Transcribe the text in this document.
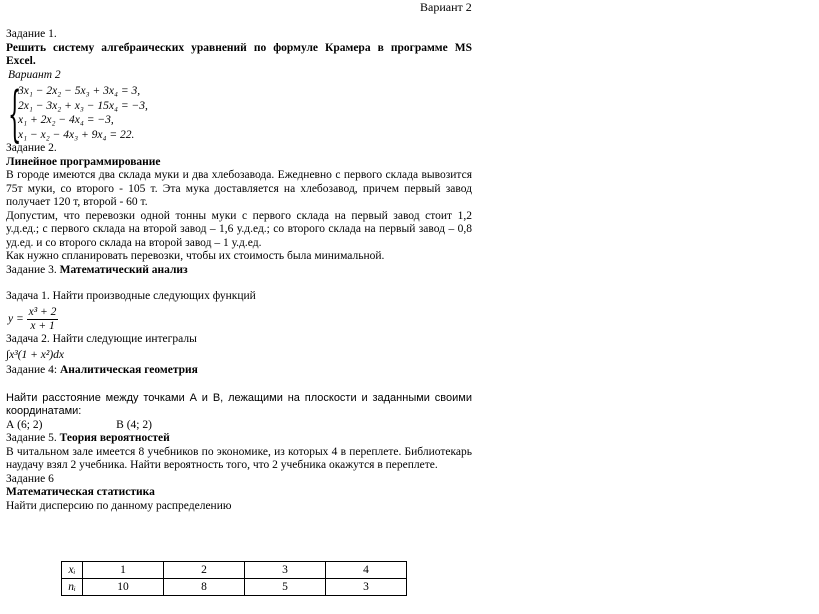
Вариант 2
Задание 1.
Решить систему алгебраических уравнений по формуле Крамера в программе MS
Excel.
Вариант 2
{
3x₁ − 2x₂ − 5x₃ + 3x₄ = 3,
2x₁ − 3x₂ + x₃ − 15x₄ = −3,
x₁ + 2x₂ − 4x₄ = −3,
x₁ − x₂ − 4x₃ + 9x₄ = 22.
Задание 2.
Линейное программирование
В городе имеются два склада муки и два хлебозавода. Ежедневно с первого склада вывозится 75т муки, со второго - 105 т. Эта мука доставляется на хлебозавод, причем первый завод получает 120 т, второй - 60 т.
Допустим, что перевозки одной тонны муки с первого склада на первый завод стоит 1,2 у.д.ед.; с первого склада на второй завод – 1,6 у.д.ед.; со второго склада на первый завод – 0,8 уд.ед. и со второго склада на второй завод – 1 у.д.ед.
Как нужно спланировать перевозки, чтобы их стоимость была минимальной.
Задание 3. Математический анализ
Задача 1. Найти производные следующих функций
$y = \frac{\text{x³ + 2}}{x + 1}$
Задача 2. Найти следующие интегралы
∫x³(1 + x²)dx
Задание 4: Аналитическая геометрия
Найти расстояние между точками А и В, лежащими на плоскости и заданными своими координатами:
А (6; 2)	В (4; 2)
Задание 5. Теория вероятностей
В читальном зале имеется 8 учебников по экономике, из которых 4 в переплете. Библиотекарь наудачу взял 2 учебника. Найти вероятность того, что 2 учебника окажутся в переплете.
Задание 6
Математическая статистика
Найти дисперсию по данному распределению
xᵢ	1	2	3	4
nᵢ	10	8	5	3
